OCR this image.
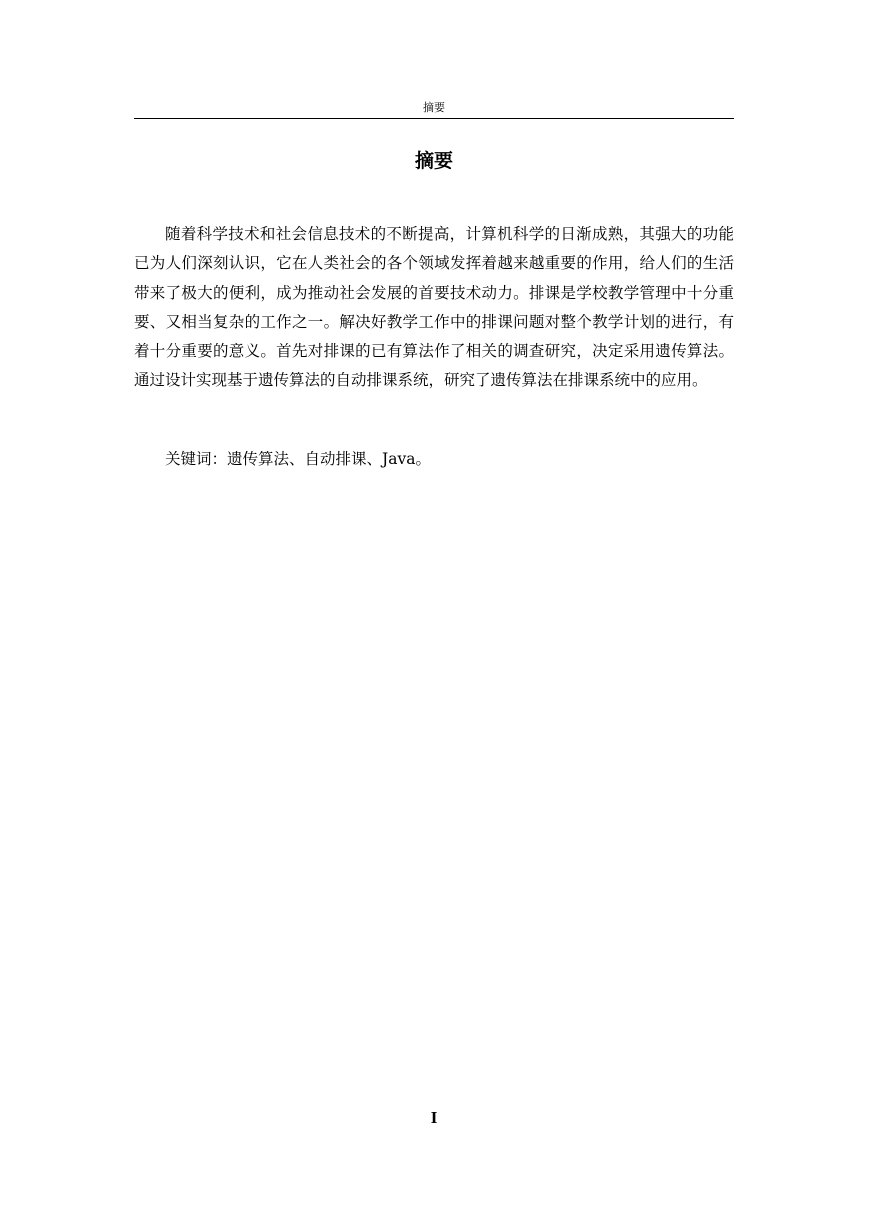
摘要
摘要

随着科学技术和社会信息技术的不断提高，计算机科学的日渐成熟，其强大的功能已为人们深刻认识，它在人类社会的各个领域发挥着越来越重要的作用，给人们的生活带来了极大的便利，成为推动社会发展的首要技术动力。排课是学校教学管理中十分重要、又相当复杂的工作之一。解决好教学工作中的排课问题对整个教学计划的进行，有着十分重要的意义。首先对排课的已有算法作了相关的调查研究，决定采用遗传算法。通过设计实现基于遗传算法的自动排课系统，研究了遗传算法在排课系统中的应用。

关键词：遗传算法、自动排课、Java。

I
